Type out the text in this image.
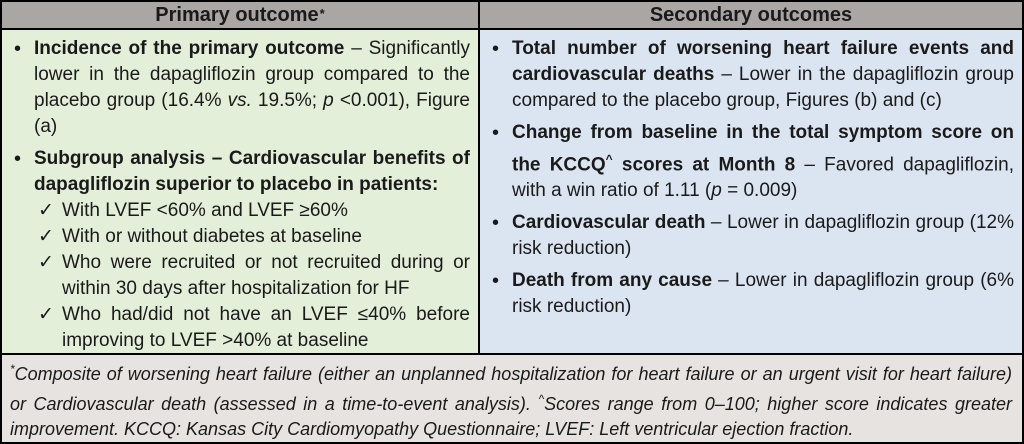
Primary outcome *	Secondary outcomes
• Incidence of the primary outcome – Significantly lower in the dapagliflozin group compared to the placebo group (16.4% vs. 19.5%; p <0.001), Figure (a)
• Subgroup analysis – Cardiovascular benefits of dapagliflozin superior to placebo in patients:
✓ With LVEF <60% and LVEF ≥60%
✓ With or without diabetes at baseline
✓ Who were recruited or not recruited during or within 30 days after hospitalization for HF
✓ Who had/did not have an LVEF ≤40% before improving to LVEF >40% at baseline
• Total number of worsening heart failure events and cardiovascular deaths – Lower in the dapagliflozin group compared to the placebo group, Figures (b) and (c)
• Change from baseline in the total symptom score on the KCCQ^ scores at Month 8 – Favored dapagliflozin, with a win ratio of 1.11 (p = 0.009)
• Cardiovascular death – Lower in dapagliflozin group (12% risk reduction)
• Death from any cause – Lower in dapagliflozin group (6% risk reduction)
*Composite of worsening heart failure (either an unplanned hospitalization for heart failure or an urgent visit for heart failure) or Cardiovascular death (assessed in a time-to-event analysis). ^Scores range from 0–100; higher score indicates greater improvement. KCCQ: Kansas City Cardiomyopathy Questionnaire; LVEF: Left ventricular ejection fraction.
